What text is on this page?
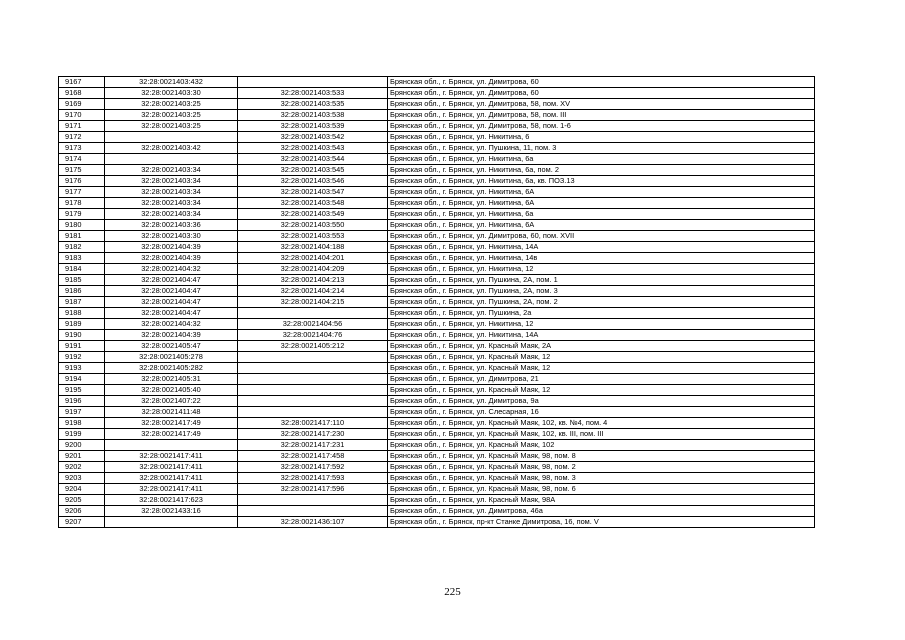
9167	32:28:0021403:432		Брянская обл., г. Брянск, ул. Димитрова, 60
9168	32:28:0021403:30	32:28:0021403:533	Брянская обл., г. Брянск, ул. Димитрова, 60
9169	32:28:0021403:25	32:28:0021403:535	Брянская обл., г. Брянск, ул. Димитрова, 58, пом. XV
9170	32:28:0021403:25	32:28:0021403:538	Брянская обл., г. Брянск, ул. Димитрова, 58, пом. III
9171	32:28:0021403:25	32:28:0021403:539	Брянская обл., г. Брянск, ул. Димитрова, 58, пом. 1-6
9172		32:28:0021403:542	Брянская обл., г. Брянск, ул. Никитина, 6
9173	32:28:0021403:42	32:28:0021403:543	Брянская обл., г. Брянск, ул. Пушкина, 11, пом. 3
9174		32:28:0021403:544	Брянская обл., г. Брянск, ул. Никитина, 6а
9175	32:28:0021403:34	32:28:0021403:545	Брянская обл., г. Брянск, ул. Никитина, 6а, пом. 2
9176	32:28:0021403:34	32:28:0021403:546	Брянская обл., г. Брянск, ул. Никитина, 6а, кв. ПОЗ.13
9177	32:28:0021403:34	32:28:0021403:547	Брянская обл., г. Брянск, ул. Никитина, 6А
9178	32:28:0021403:34	32:28:0021403:548	Брянская обл., г. Брянск, ул. Никитина, 6А
9179	32:28:0021403:34	32:28:0021403:549	Брянская обл., г. Брянск, ул. Никитина, 6а
9180	32:28:0021403:36	32:28:0021403:550	Брянская обл., г. Брянск, ул. Никитина, 6А
9181	32:28:0021403:30	32:28:0021403:553	Брянская обл., г. Брянск, ул. Димитрова, 60, пом. XVII
9182	32:28:0021404:39	32:28:0021404:188	Брянская обл., г. Брянск, ул. Никитина, 14А
9183	32:28:0021404:39	32:28:0021404:201	Брянская обл., г. Брянск, ул. Никитина, 14в
9184	32:28:0021404:32	32:28:0021404:209	Брянская обл., г. Брянск, ул. Никитина, 12
9185	32:28:0021404:47	32:28:0021404:213	Брянская обл., г. Брянск, ул. Пушкина, 2А, пом. 1
9186	32:28:0021404:47	32:28:0021404:214	Брянская обл., г. Брянск, ул. Пушкина, 2А, пом. 3
9187	32:28:0021404:47	32:28:0021404:215	Брянская обл., г. Брянск, ул. Пушкина, 2А, пом. 2
9188	32:28:0021404:47		Брянская обл., г. Брянск, ул. Пушкина, 2а
9189	32:28:0021404:32	32:28:0021404:56	Брянская обл., г. Брянск, ул. Никитина, 12
9190	32:28:0021404:39	32:28:0021404:76	Брянская обл., г. Брянск, ул. Никитина, 14А
9191	32:28:0021405:47	32:28:0021405:212	Брянская обл., г. Брянск, ул. Красный Маяк, 2А
9192	32:28:0021405:278		Брянская обл., г. Брянск, ул. Красный Маяк, 12
9193	32:28:0021405:282		Брянская обл., г. Брянск, ул. Красный Маяк, 12
9194	32:28:0021405:31		Брянская обл., г. Брянск, ул. Димитрова, 21
9195	32:28:0021405:40		Брянская обл., г. Брянск, ул. Красный Маяк, 12
9196	32:28:0021407:22		Брянская обл., г. Брянск, ул. Димитрова, 9а
9197	32:28:0021411:48		Брянская обл., г. Брянск, ул. Слесарная, 16
9198	32:28:0021417:49	32:28:0021417:110	Брянская обл., г. Брянск, ул. Красный Маяк, 102, кв. №4, пом. 4
9199	32:28:0021417:49	32:28:0021417:230	Брянская обл., г. Брянск, ул. Красный Маяк, 102, кв. III, пом. III
9200		32:28:0021417:231	Брянская обл., г. Брянск, ул. Красный Маяк, 102
9201	32:28:0021417:411	32:28:0021417:458	Брянская обл., г. Брянск, ул. Красный Маяк, 98, пом. 8
9202	32:28:0021417:411	32:28:0021417:592	Брянская обл., г. Брянск, ул. Красный Маяк, 98, пом. 2
9203	32:28:0021417:411	32:28:0021417:593	Брянская обл., г. Брянск, ул. Красный Маяк, 98, пом. 3
9204	32:28:0021417:411	32:28:0021417:596	Брянская обл., г. Брянск, ул. Красный Маяк, 98, пом. 6
9205	32:28:0021417:623		Брянская обл., г. Брянск, ул. Красный Маяк, 98А
9206	32:28:0021433:16		Брянская обл., г. Брянск, ул. Димитрова, 46а
9207		32:28:0021436:107	Брянская обл., г. Брянск, пр-кт Станке Димитрова, 16, пом. V
225
